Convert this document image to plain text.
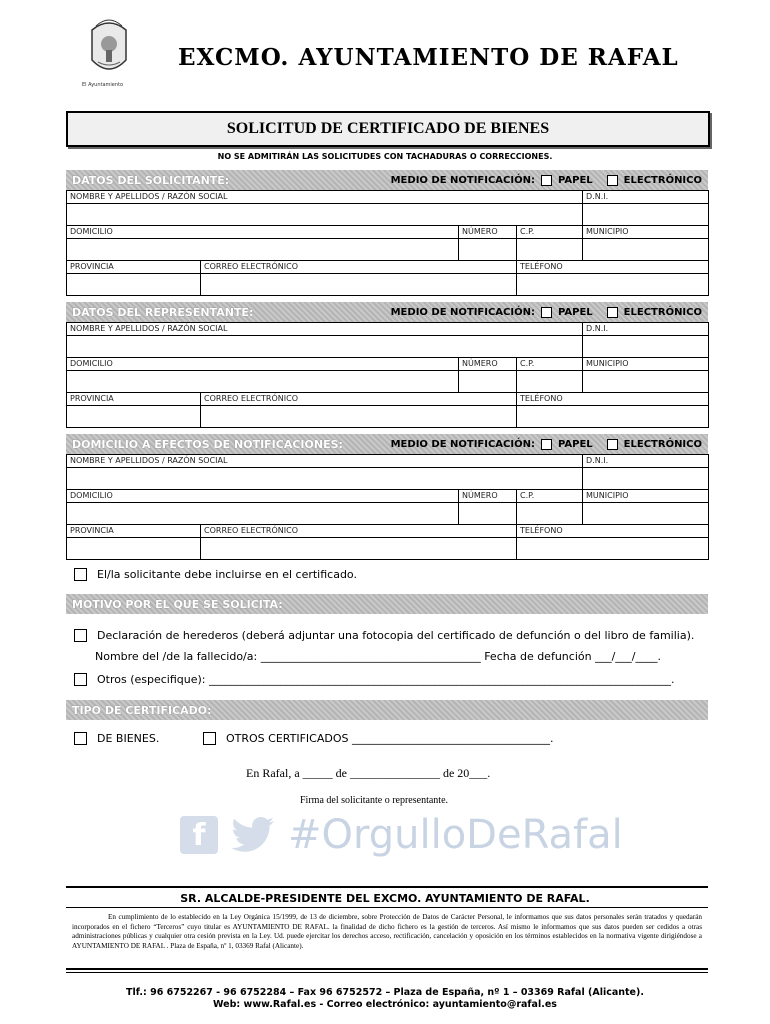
El Ayuntamiento
EXCMO. AYUNTAMIENTO DE RAFAL
SOLICITUD DE CERTIFICADO DE BIENES
NO SE ADMITIRÁN LAS SOLICITUDES CON TACHADURAS O CORRECCIONES.
DATOS DEL SOLICITANTE:	MEDIO DE NOTIFICACIÓN: PAPEL	ELECTRÓNICO
NOMBRE Y APELLIDOS / RAZÓN SOCIAL				D.N.I.

DOMICILIO		NÚMERO	C.P.	MUNICIPIO

PROVINCIA	CORREO ELECTRÓNICO		TELÉFONO	

DATOS DEL REPRESENTANTE:	MEDIO DE NOTIFICACIÓN: PAPEL	ELECTRÓNICO
NOMBRE Y APELLIDOS / RAZÓN SOCIAL				D.N.I.

DOMICILIO		NÚMERO	C.P.	MUNICIPIO

PROVINCIA	CORREO ELECTRÓNICO		TELÉFONO	

DOMICILIO A EFECTOS DE NOTIFICACIONES:	MEDIO DE NOTIFICACIÓN: PAPEL	ELECTRÓNICO
NOMBRE Y APELLIDOS / RAZÓN SOCIAL				D.N.I.

DOMICILIO		NÚMERO	C.P.	MUNICIPIO

PROVINCIA	CORREO ELECTRÓNICO		TELÉFONO	

El/la solicitante debe incluirse en el certificado.
MOTIVO POR EL QUE SE SOLICITA:
Declaración de herederos (deberá adjuntar una fotocopia del certificado de defunción o del libro de familia).
Nombre del /de la fallecido/a: ________________________________________ Fecha de defunción ___/___/____.
Otros (especifique): ____________________________________________________________________________________.
TIPO DE CERTIFICADO:
DE BIENES.	OTROS CERTIFICADOS ____________________________________.
En Rafal, a _____ de _______________ de 20___.
Firma del solicitante o representante.
f	#OrgulloDeRafal
SR. ALCALDE-PRESIDENTE DEL EXCMO. AYUNTAMIENTO DE RAFAL.
En cumplimiento de lo establecido en la Ley Orgánica 15/1999, de 13 de diciembre, sobre Protección de Datos de Carácter Personal, le informamos que sus datos personales serán tratados y quedarán incorporados en el fichero “Terceros” cuyo titular es AYUNTAMIENTO DE RAFAL. la finalidad de dicho fichero es la gestión de terceros. Así mismo le informamos que sus datos pueden ser cedidos a otras administraciones públicas y cualquier otra cesión prevista en la Ley. Ud. puede ejercitar los derechos acceso, rectificación, cancelación y oposición en los términos establecidos en la normativa vigente dirigiéndose a AYUNTAMIENTO DE RAFAL . Plaza de España, nº 1, 03369 Rafal (Alicante).
Tlf.: 96 6752267 - 96 6752284 – Fax 96 6752572 – Plaza de España, nº 1 – 03369 Rafal (Alicante).
Web: www.Rafal.es - Correo electrónico: ayuntamiento@rafal.es
